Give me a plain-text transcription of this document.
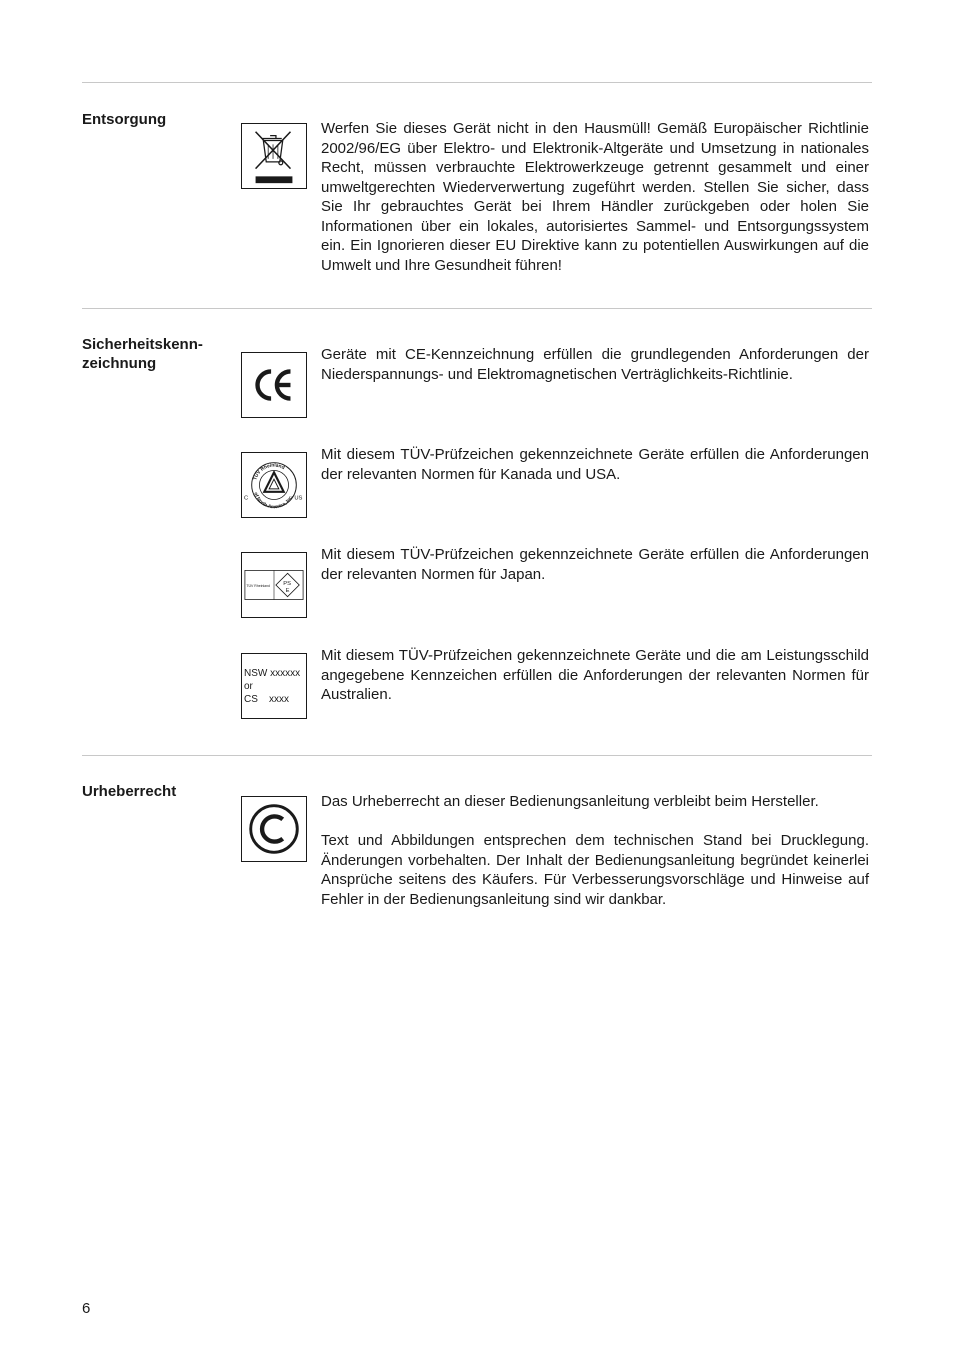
Entsorgung

Werfen Sie dieses Gerät nicht in den Hausmüll! Gemäß Europäischer Richtlinie 2002/96/EG über Elektro- und Elektronik-Altgeräte und Umsetzung in nationales Recht, müssen verbrauchte Elektrowerkzeuge getrennt gesammelt und einer umweltgerechten Wiederverwertung zugeführt werden. Stellen Sie sicher, dass Sie Ihr gebrauchtes Gerät bei Ihrem Händler zurückgeben oder holen Sie Informationen über ein lokales, autorisiertes Sammel- und Entsorgungssystem ein. Ein Ignorieren dieser EU Direktive kann zu potentiellen Auswirkungen auf die Umwelt und Ihre Gesundheit führen!

Sicherheitskenn-
zeichnung

Geräte mit CE-Kennzeichnung erfüllen die grundlegenden Anforderungen der Niederspannungs- und Elektromagnetischen Verträglichkeits-Richtlinie.

TÜV Rheinland
of North America, Inc.
C	US

Mit diesem TÜV-Prüfzeichen gekennzeichnete Geräte erfüllen die Anforderungen der relevanten Normen für Kanada und USA.

TÜV Rheinland PS
E

Mit diesem TÜV-Prüfzeichen gekennzeichnete Geräte erfüllen die Anforderungen der relevanten Normen für Japan.

NSW xxxxxx
or
CS    xxxx

Mit diesem TÜV-Prüfzeichen gekennzeichnete Geräte und die am Leistungsschild angegebene Kennzeichen erfüllen die Anforderungen der relevanten Normen für Australien.

Urheberrecht

Das Urheberrecht an dieser Bedienungsanleitung verbleibt beim Hersteller.

Text und Abbildungen entsprechen dem technischen Stand bei Drucklegung. Änderungen vorbehalten. Der Inhalt der Bedienungsanleitung begründet keinerlei Ansprüche seitens des Käufers. Für Verbesserungsvorschläge und Hinweise auf Fehler in der Bedienungsanleitung sind wir dankbar.

6
